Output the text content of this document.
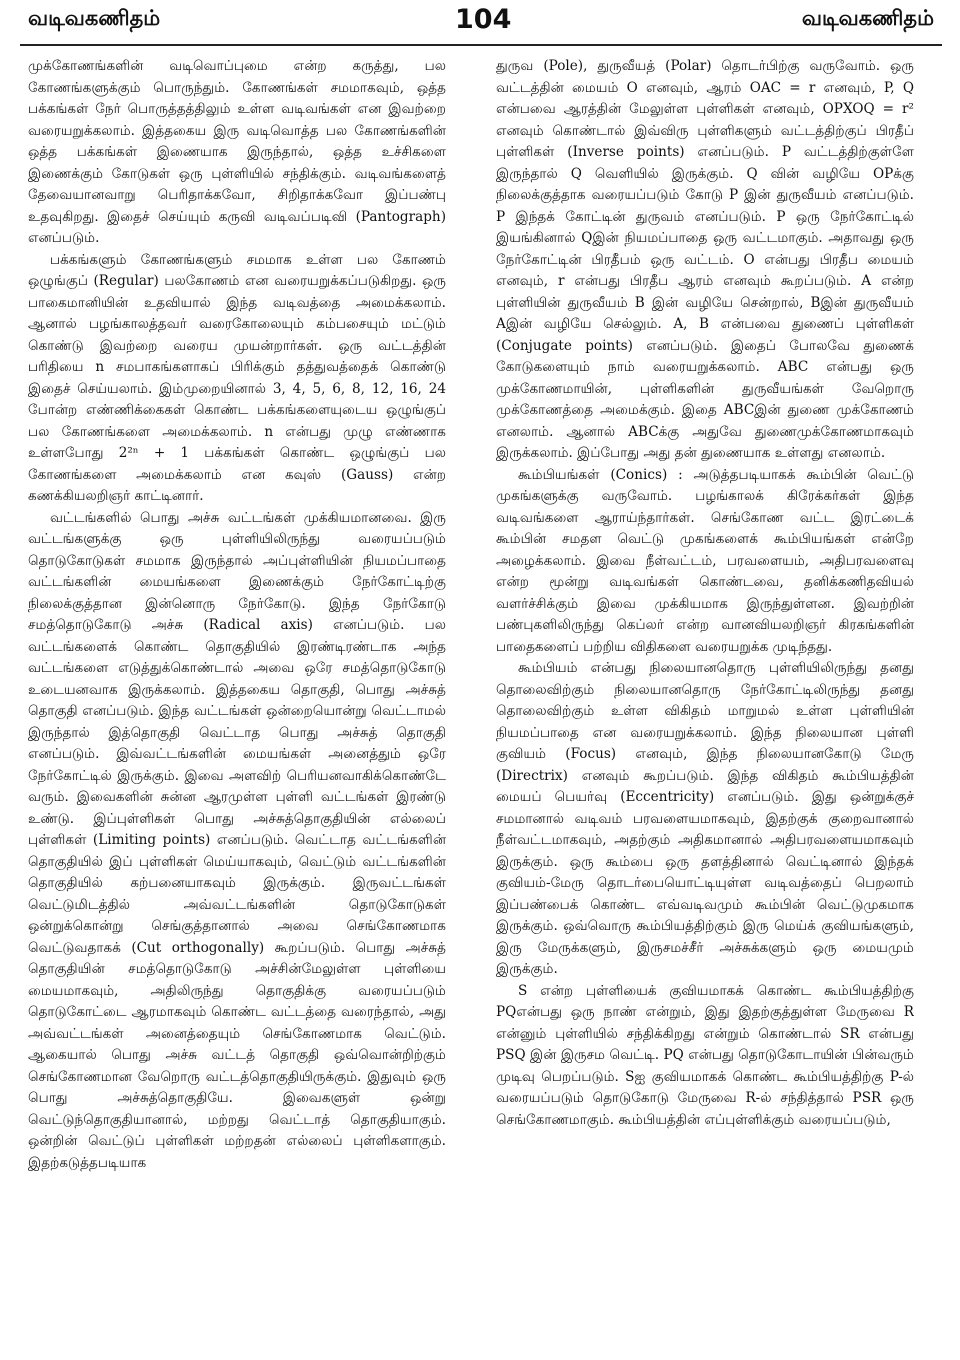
வடிவகணிதம்	104	வடிவகணிதம்

முக்கோணங்களின் வடிவொப்புமை என்ற கருத்து, பல கோணங்களுக்கும் பொருந்தும். கோணங்கள் சமமாகவும், ஒத்த பக்கங்கள் நேர் பொருத்தத்திலும் உள்ள வடிவங்கள் என இவற்றை வரையறுக்கலாம். இத்தகைய இரு வடிவொத்த பல கோணங்களின் ஒத்த பக்கங்கள் இணையாக இருந்தால், ஒத்த உச்சிகளை இணைக்கும் கோடுகள் ஒரு புள்ளியில் சந்திக்கும். வடிவங்களைத் தேவையானவாறு பெரிதாக்கவோ, சிறிதாக்கவோ இப்பண்பு உதவுகிறது. இதைச் செய்யும் கருவி வடிவப்படிவி (Pantograph) எனப்படும்.

பக்கங்களும் கோணங்களும் சமமாக உள்ள பல கோணம் ஒழுங்குப் (Regular) பலகோணம் என வரையறுக்கப்படுகிறது. ஒரு பாகைமானியின் உதவியால் இந்த வடிவத்தை அமைக்கலாம். ஆனால் பழங்காலத்தவர் வரைகோலையும் கம்பசையும் மட்டும் கொண்டு இவற்றை வரைய முயன்றார்கள். ஒரு வட்டத்தின் பரிதியை n சமபாகங்களாகப் பிரிக்கும் தத்துவத்தைக் கொண்டு இதைச் செய்யலாம். இம்முறையினால் 3, 4, 5, 6, 8, 12, 16, 24 போன்ற எண்ணிக்கைகள் கொண்ட பக்கங்களையுடைய ஒழுங்குப் பல கோணங்களை அமைக்கலாம். n என்பது முழு எண்ணாக உள்ளபோது 2²ⁿ + 1 பக்கங்கள் கொண்ட ஒழுங்குப் பல கோணங்களை அமைக்கலாம் என கவுஸ் (Gauss) என்ற கணக்கியலறிஞர் காட்டினார்.

வட்டங்களில் பொது அச்சு வட்டங்கள் முக்கியமானவை. இரு வட்டங்களுக்கு ஒரு புள்ளியிலிருந்து வரையப்படும் தொடுகோடுகள் சமமாக இருந்தால் அப்புள்ளியின் நியமப்பாதை வட்டங்களின் மையங்களை இணைக்கும் நேர்கோட்டிற்கு நிலைக்குத்தான இன்னொரு நேர்கோடு. இந்த நேர்கோடு சமத்தொடுகோடு அச்சு (Radical axis) எனப்படும். பல வட்டங்களைக் கொண்ட தொகுதியில் இரண்டிரண்டாக அந்த வட்டங்களை எடுத்துக்கொண்டால் அவை ஒரே சமத்தொடுகோடு உடையனவாக இருக்கலாம். இத்தகைய தொகுதி, பொது அச்சுத் தொகுதி எனப்படும். இந்த வட்டங்கள் ஒன்றையொன்று வெட்டாமல் இருந்தால் இத்தொகுதி வெட்டாத பொது அச்சுத் தொகுதி எனப்படும். இவ்வட்டங்களின் மையங்கள் அனைத்தும் ஒரே நேர்கோட்டில் இருக்கும். இவை அளவிற் பெரியனவாகிக்கொண்டே வரும். இவைகளின் சுன்ன ஆரமுள்ள புள்ளி வட்டங்கள் இரண்டு உண்டு. இப்புள்ளிகள் பொது அச்சுத்தொகுதியின் எல்லைப் புள்ளிகள் (Limiting points) எனப்படும். வெட்டாத வட்டங்களின் தொகுதியில் இப் புள்ளிகள் மெய்யாகவும், வெட்டும் வட்டங்களின் தொகுதியில் கற்பனையாகவும் இருக்கும். இருவட்டங்கள் வெட்டுமிடத்தில் அவ்வட்டங்களின் தொடுகோடுகள் ஒன்றுக்கொன்று செங்குத்தானால் அவை செங்கோணமாக வெட்டுவதாகக் (Cut orthogonally) கூறப்படும். பொது அச்சுத் தொகுதியின் சமத்தொடுகோடு அச்சின்மேலுள்ள புள்ளியை மையமாகவும், அதிலிருந்து தொகுதிக்கு வரையப்படும் தொடுகோட்டை ஆரமாகவும் கொண்ட வட்டத்தை வரைந்தால், அது அவ்வட்டங்கள் அனைத்தையும் செங்கோணமாக வெட்டும். ஆகையால் பொது அச்சு வட்டத் தொகுதி ஒவ்வொன்றிற்கும் செங்கோணமான வேறொரு வட்டத்தொகுதியிருக்கும். இதுவும் ஒரு பொது அச்சுத்தொகுதியே. இவைகளுள் ஒன்று வெட்டுந்தொகுதியானால், மற்றது வெட்டாத் தொகுதியாகும். ஒன்றின் வெட்டுப் புள்ளிகள் மற்றதன் எல்லைப் புள்ளிகளாகும். இதற்கடுத்தபடியாக

துருவ (Pole), துருவீயத் (Polar) தொடர்பிற்கு வருவோம். ஒரு வட்டத்தின் மையம் O எனவும், ஆரம் OAC = r எனவும், P, Q என்பவை ஆரத்தின் மேலுள்ள புள்ளிகள் எனவும், OPXOQ = r² எனவும் கொண்டால் இவ்விரு புள்ளிகளும் வட்டத்திற்குப் பிரதீப் புள்ளிகள் (Inverse points) எனப்படும். P வட்டத்திற்குள்ளே இருந்தால் Q வெளியில் இருக்கும். Q வின் வழியே OPக்கு நிலைக்குத்தாக வரையப்படும் கோடு P இன் துருவீயம் எனப்படும். P இந்தக் கோட்டின் துருவம் எனப்படும். P ஒரு நேர்கோட்டில் இயங்கினால் Qஇன் நியமப்பாதை ஒரு வட்டமாகும். அதாவது ஒரு நேர்கோட்டின் பிரதீபம் ஒரு வட்டம். O என்பது பிரதீப மையம் எனவும், r என்பது பிரதீப ஆரம் எனவும் கூறப்படும். A என்ற புள்ளியின் துருவீயம் B இன் வழியே சென்றால், Bஇன் துருவீயம் Aஇன் வழியே செல்லும். A, B என்பவை துணைப் புள்ளிகள் (Conjugate points) எனப்படும். இதைப் போலவே துணைக் கோடுகளையும் நாம் வரையறுக்கலாம். ABC என்பது ஒரு முக்கோணமாயின், புள்ளிகளின் துருவீயங்கள் வேறொரு முக்கோணத்தை அமைக்கும். இதை ABCஇன் துணை முக்கோணம் எனலாம். ஆனால் ABCக்கு அதுவே துணைமுக்கோணமாகவும் இருக்கலாம். இப்போது அது தன் துணையாக உள்ளது எனலாம்.

கூம்பியங்கள் (Conics) : அடுத்தபடியாகக் கூம்பின் வெட்டு முகங்களுக்கு வருவோம். பழங்காலக் கிரேக்கர்கள் இந்த வடிவங்களை ஆராய்ந்தார்கள். செங்கோண வட்ட இரட்டைக் கூம்பின் சமதள வெட்டு முகங்களைக் கூம்பியங்கள் என்றே அழைக்கலாம். இவை நீள்வட்டம், பரவளையம், அதிபரவளைவு என்ற மூன்று வடிவங்கள் கொண்டவை, தனிக்கணிதவியல் வளர்ச்சிக்கும் இவை முக்கியமாக இருந்துள்ளன. இவற்றின் பண்புகளிலிருந்து கெப்லர் என்ற வானவியலறிஞர் கிரகங்களின் பாதைகளைப் பற்றிய விதிகளை வரையறுக்க முடிந்தது.

கூம்பியம் என்பது நிலையானதொரு புள்ளியிலிருந்து தனது தொலைவிற்கும் நிலையானதொரு நேர்கோட்டிலிருந்து தனது தொலைவிற்கும் உள்ள விகிதம் மாறுமல் உள்ள புள்ளியின் நியமப்பாதை என வரையறுக்கலாம். இந்த நிலையான புள்ளி குவியம் (Focus) எனவும், இந்த நிலையானகோடு மேரு (Directrix) எனவும் கூறப்படும். இந்த விகிதம் கூம்பியத்தின் மையப் பெயர்வு (Eccentricity) எனப்படும். இது ஒன்றுக்குச் சமமானால் வடிவம் பரவளையமாகவும், இதற்குக் குறைவானால் நீள்வட்டமாகவும், அதற்கும் அதிகமானால் அதிபரவளையமாகவும் இருக்கும். ஒரு கூம்பை ஒரு தளத்தினால் வெட்டினால் இந்தக் குவியம்-மேரு தொடர்பையொட்டியுள்ள வடிவத்தைப் பெறலாம் இப்பண்பைக் கொண்ட எவ்வடிவமும் கூம்பின் வெட்டுமுகமாக இருக்கும். ஒவ்வொரு கூம்பியத்திற்கும் இரு மெய்க் குவியங்களும், இரு மேருக்களும், இருசமச்சீர் அச்சுக்களும் ஒரு மையமும் இருக்கும்.

S என்ற புள்ளியைக் குவியமாகக் கொண்ட கூம்பியத்திற்கு PQஎன்பது ஒரு நாண் என்றும், இது இதற்குத்துள்ள மேருவை R என்னும் புள்ளியில் சந்திக்கிறது என்றும் கொண்டால் SR என்பது PSQ இன் இருசம வெட்டி. PQ என்பது தொடுகோடாயின் பின்வரும் முடிவு பெறப்படும். Sஐ குவியமாகக் கொண்ட கூம்பியத்திற்கு P-ல் வரையப்படும் தொடுகோடு மேருவை R-ல் சந்தித்தால் PSR ஒரு செங்கோணமாகும். கூம்பியத்தின் எப்புள்ளிக்கும் வரையப்படும்,
